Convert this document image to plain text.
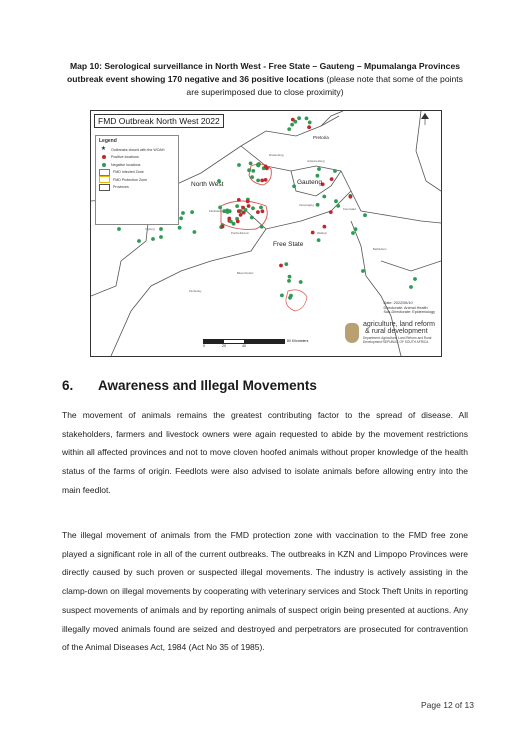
Map 10: Serological surveillance in North West - Free State – Gauteng – Mpumalanga Provinces outbreak event showing 170 negative and 36 positive locations (please note that some of the points are superimposed due to close proximity)
FMD Outbreak North West 2022
Legend
★	Outbreaks closed with the WOAH
Positive locations
Negative locations
FMD Infected Zone
FMD Protection Zone
Provinces	North West	Gauteng
Free State
Pretoria
Potchefstroom
Klerksdorp
Rustenburg
Johannesburg
Vereeniging
Vryburg
Bloemfontein
Kimberley
Welkom
Kroonstad
Bethlehem
Date: 2022/06/10
Directorate: Animal Health
Sub-Directorate: Epidemiology
agriculture, land reform
& rural development
Department: Agriculture, Land Reform and Rural Development REPUBLIC OF SOUTH AFRICA
0	20	40
80 Kilometers
6. Awareness and Illegal Movements
The movement of animals remains the greatest contributing factor to the spread of disease. All stakeholders, farmers and livestock owners were again requested to abide by the movement restrictions within all affected provinces and not to move cloven hoofed animals without proper knowledge of the health status of the farms of origin. Feedlots were also advised to isolate animals before allowing entry into the main feedlot.
The illegal movement of animals from the FMD protection zone with vaccination to the FMD free zone played a significant role in all of the current outbreaks. The outbreaks in KZN and Limpopo Provinces were directly caused by such proven or suspected illegal movements. The industry is actively assisting in the clamp-down on illegal movements by cooperating with veterinary services and Stock Theft Units in reporting suspect movements of animals and by reporting animals of suspect origin being presented at auctions. Any illegally moved animals found are seized and destroyed and perpetrators are prosecuted for contravention of the Animal Diseases Act, 1984 (Act No 35 of 1985).
Page 12 of 13
